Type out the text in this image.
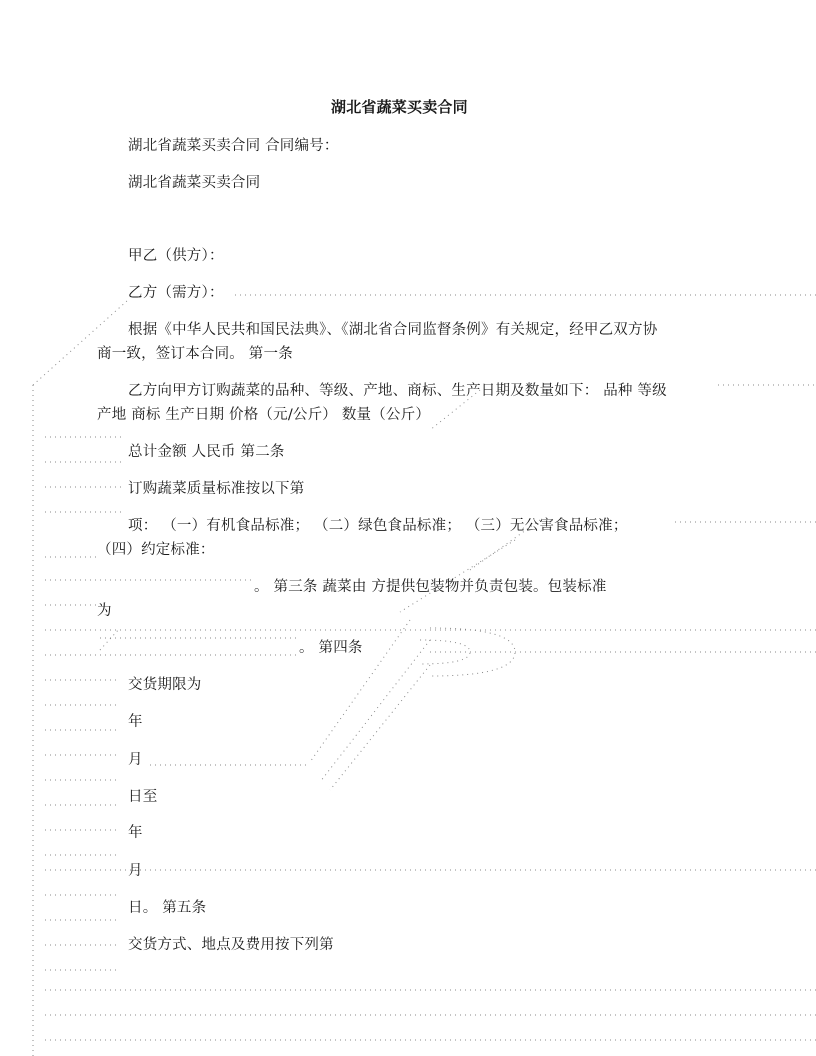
湖北省蔬菜买卖合同
湖北省蔬菜买卖合同 合同编号：
湖北省蔬菜买卖合同
甲乙（供方）：
乙方（需方）：
根据《中华人民共和国民法典》、《湖北省合同监督条例》有关规定，经甲乙双方协
商一致，签订本合同。 第一条
乙方向甲方订购蔬菜的品种、等级、产地、商标、生产日期及数量如下： 品种 等级
产地 商标 生产日期 价格（元/公斤） 数量（公斤）
总计金额 人民币 第二条
订购蔬菜质量标准按以下第
项： （一）有机食品标准； （二）绿色食品标准； （三）无公害食品标准；
（四）约定标准：
。 第三条 蔬菜由 方提供包装物并负责包装。包装标准
为
。 第四条
交货期限为
年
月
日至
年
月
日。 第五条
交货方式、地点及费用按下列第
